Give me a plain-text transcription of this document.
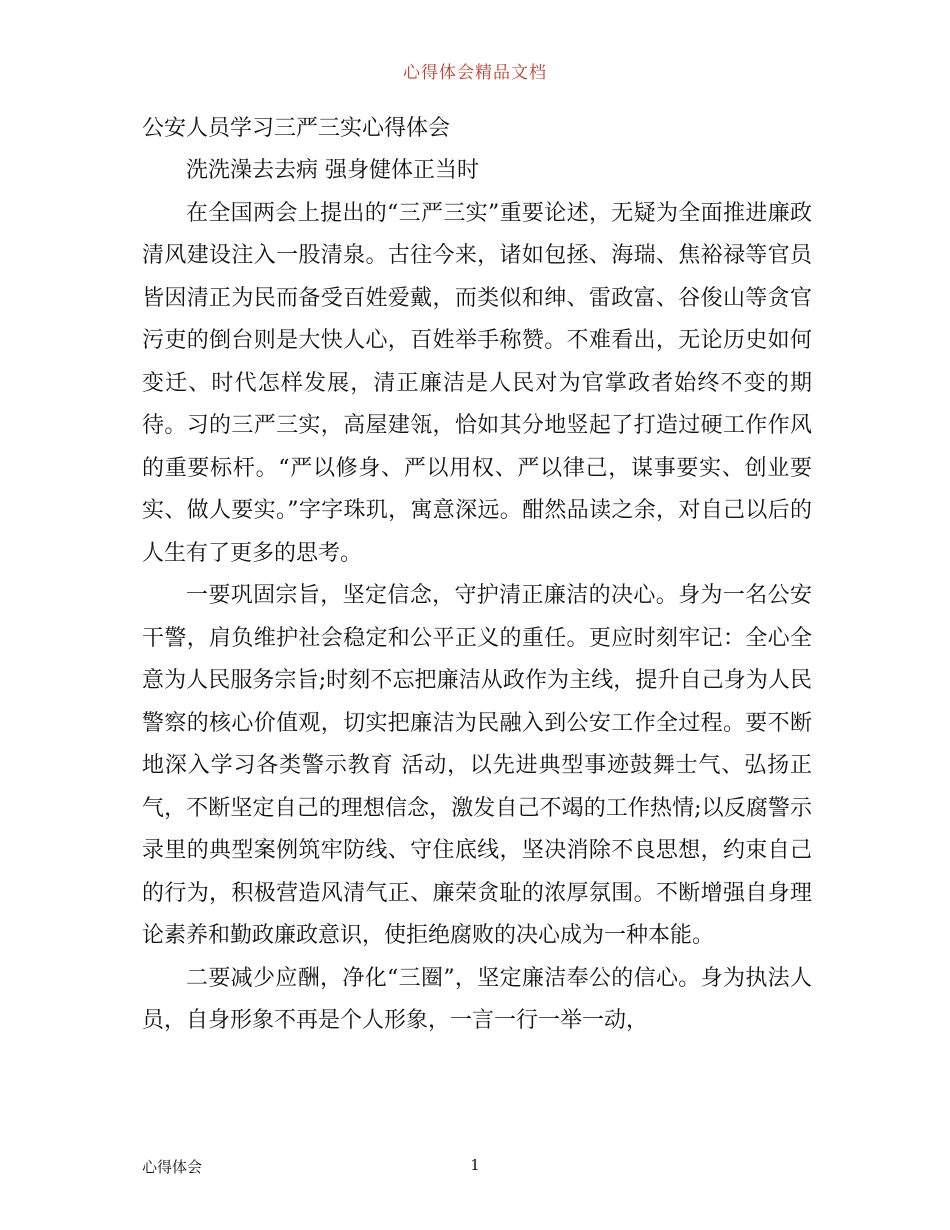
心得体会精品文档
公安人员学习三严三实心得体会

洗洗澡去去病 强身健体正当时

在全国两会上提出的“三严三实”重要论述，无疑为全面推进廉政清风建设注入一股清泉。古往今来，诸如包拯、海瑞、焦裕禄等官员皆因清正为民而备受百姓爱戴，而类似和绅、雷政富、谷俊山等贪官污吏的倒台则是大快人心，百姓举手称赞。不难看出，无论历史如何变迁、时代怎样发展，清正廉洁是人民对为官掌政者始终不变的期待。习的三严三实，高屋建瓴，恰如其分地竖起了打造过硬工作作风的重要标杆。“严以修身、严以用权、严以律己，谋事要实、创业要实、做人要实。”字字珠玑，寓意深远。酣然品读之余，对自己以后的人生有了更多的思考。

一要巩固宗旨，坚定信念，守护清正廉洁的决心。身为一名公安干警，肩负维护社会稳定和公平正义的重任。更应时刻牢记：全心全意为人民服务宗旨;时刻不忘把廉洁从政作为主线，提升自己身为人民警察的核心价值观，切实把廉洁为民融入到公安工作全过程。要不断地深入学习各类警示教育 活动，以先进典型事迹鼓舞士气、弘扬正气，不断坚定自己的理想信念，激发自己不竭的工作热情;以反腐警示录里的典型案例筑牢防线、守住底线，坚决消除不良思想，约束自己的行为，积极营造风清气正、廉荣贪耻的浓厚氛围。不断增强自身理论素养和勤政廉政意识，使拒绝腐败的决心成为一种本能。

二要减少应酬，净化“三圈”，坚定廉洁奉公的信心。身为执法人员，自身形象不再是个人形象，一言一行一举一动，

心得体会	1
